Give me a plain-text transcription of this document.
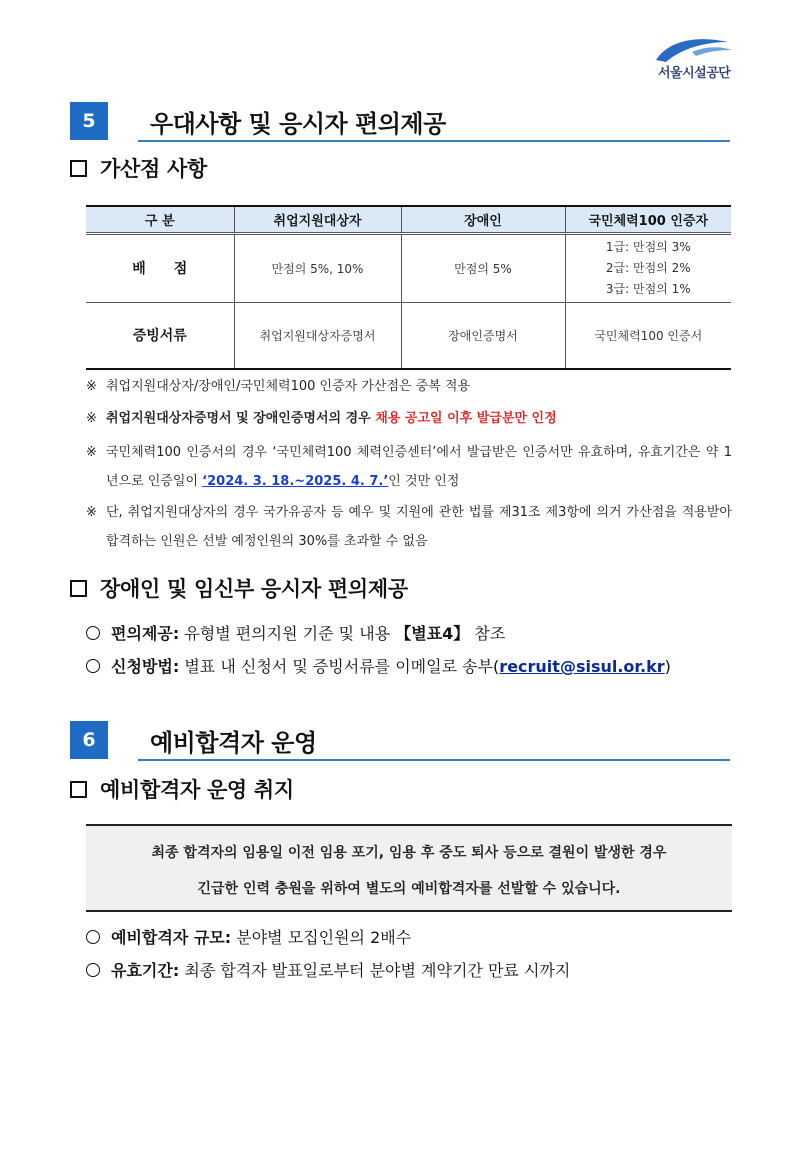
서울시설공단
5	우대사항 및 응시자 편의제공
가산점 사항
구 분	취업지원대상자	장애인	국민체력100 인증자
배　　점	만점의 5%, 10%	만점의 5%	1급: 만점의 3%
2급: 만점의 2%
3급: 만점의 1%

증빙서류	취업지원대상자증명서	장애인증명서	국민체력100 인증서
※ 취업지원대상자/장애인/국민체력100 인증자 가산점은 중복 적용
※ 취업지원대상자증명서 및 장애인증명서의 경우 채용 공고일 이후 발급분만 인정
※ 국민체력100 인증서의 경우 ‘국민체력100 체력인증센터’에서 발급받은 인증서만 유효하며, 유효기간은 약 1년으로 인증일이 ‘2024. 3. 18.~2025. 4. 7.’인 것만 인정
※ 단, 취업지원대상자의 경우 국가유공자 등 예우 및 지원에 관한 법률 제31조 제3항에 의거 가산점을 적용받아 합격하는 인원은 선발 예정인원의 30%를 초과할 수 없음
장애인 및 임신부 응시자 편의제공
편의제공: 유형별 편의지원 기준 및 내용 【별표4】 참조
신청방법: 별표 내 신청서 및 증빙서류를 이메일로 송부(recruit@sisul.or.kr)
6	예비합격자 운영
예비합격자 운영 취지
최종 합격자의 임용일 이전 임용 포기, 임용 후 중도 퇴사 등으로 결원이 발생한 경우
긴급한 인력 충원을 위하여 별도의 예비합격자를 선발할 수 있습니다.
예비합격자 규모: 분야별 모집인원의 2배수
유효기간: 최종 합격자 발표일로부터 분야별 계약기간 만료 시까지
